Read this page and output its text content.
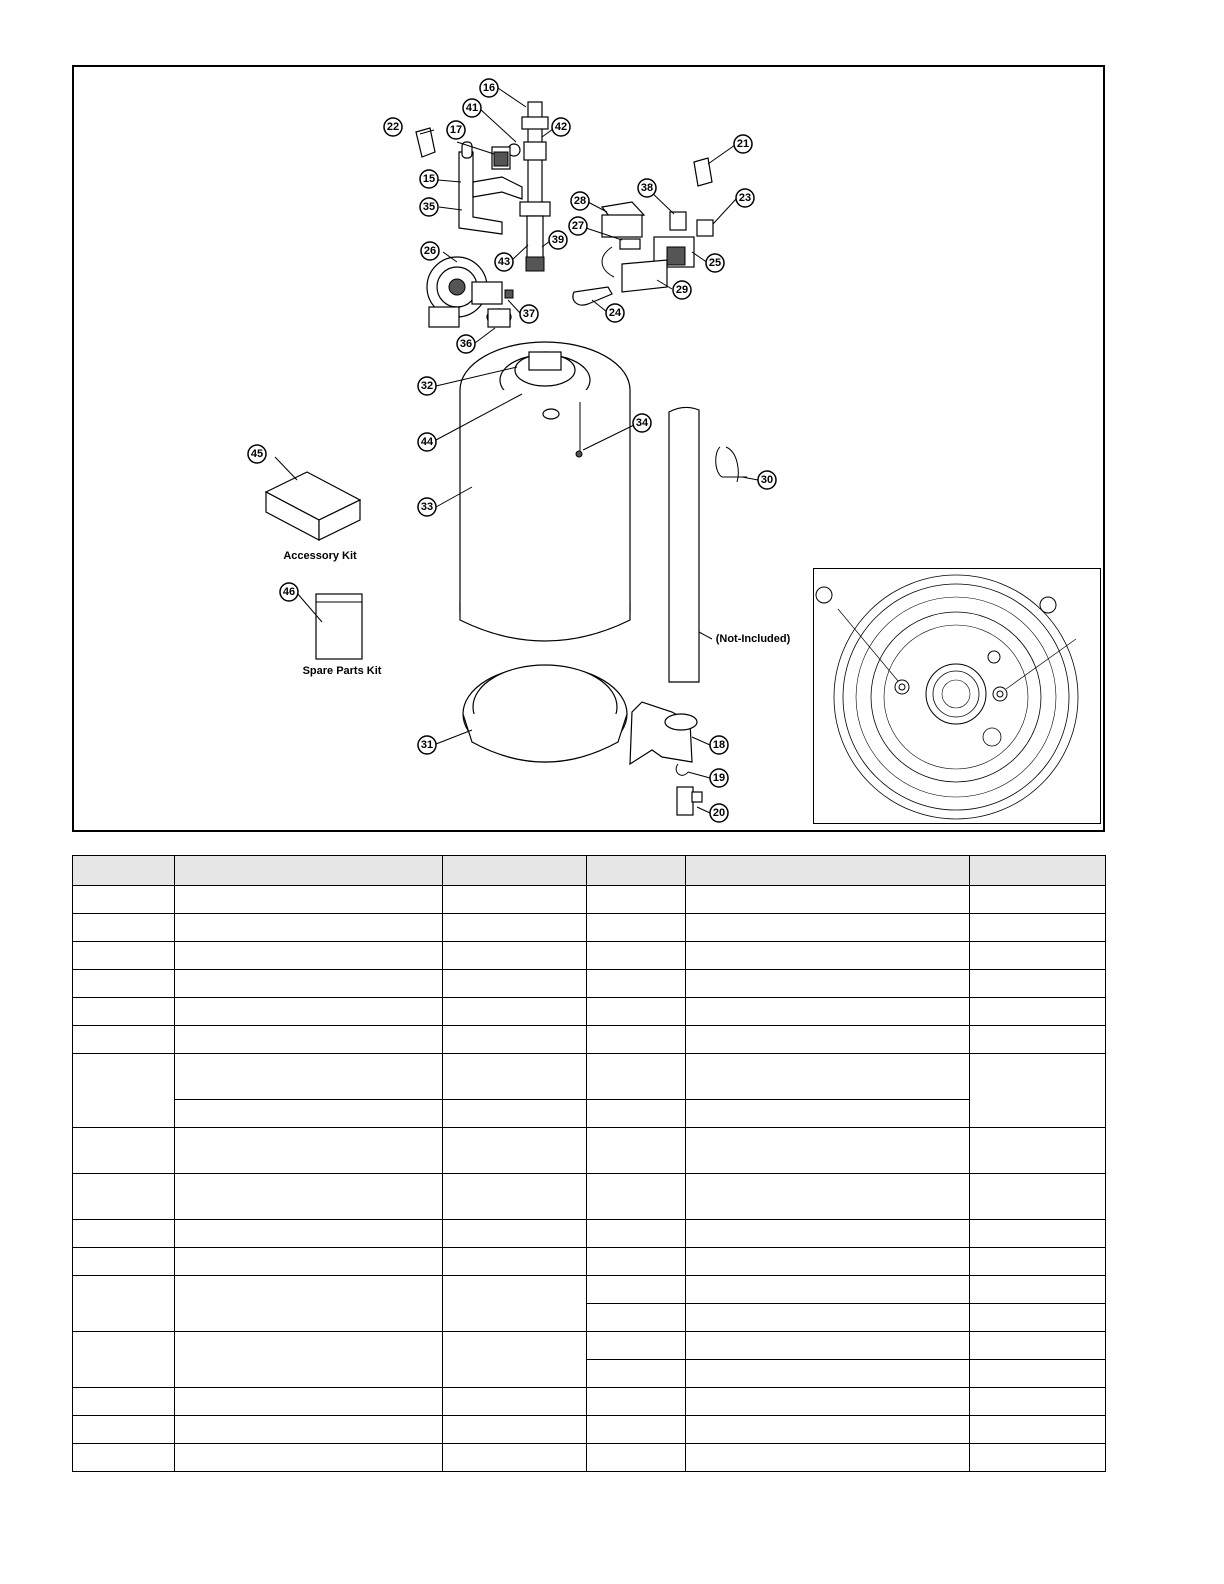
15
16
17
18
19
20
21
22
23
24
25
26
27
28
29
30
31
32
33
34
35
36
37
38
39
41
42
43
44
45
46
Accessory Kit
Spare Parts Kit
(Not-Included)
